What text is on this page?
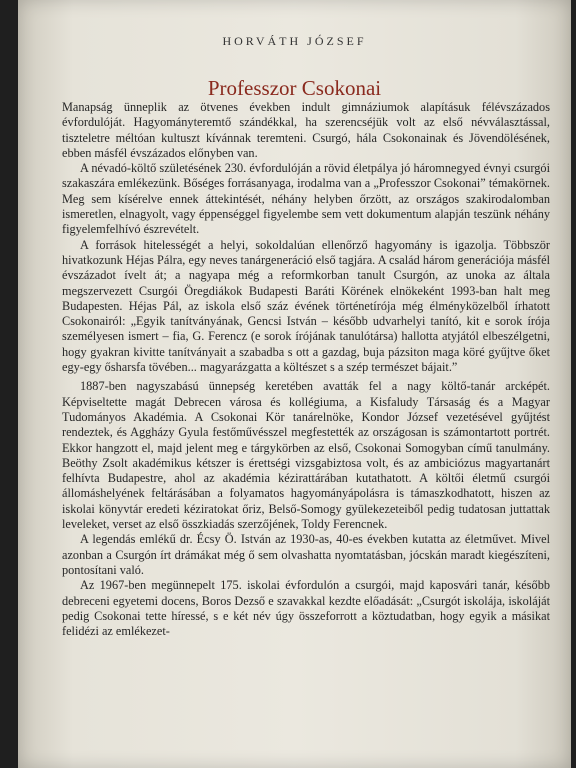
HORVÁTH JÓZSEF
Professzor Csokonai

Manapság ünneplik az ötvenes években indult gimnáziumok alapításuk félévszázados évfordulóját. Hagyományteremtő szándékkal, ha szerencséjük volt az első névválasztással, tiszteletre méltóan kultuszt kívánnak teremteni. Csurgó, hála Csokonainak és Jövendölésének, ebben másfél évszázados előnyben van.

A névadó-költő születésének 230. évfordulóján a rövid életpálya jó háromnegyed évnyi csurgói szakaszára emlékezünk. Bőséges forrásanyaga, irodalma van a „Professzor Csokonai” témakörnek. Meg sem kísérelve ennek áttekintését, néhány helyben őrzött, az országos szakirodalomban ismeretlen, elnagyolt, vagy éppenséggel figyelembe sem vett dokumentum alapján teszünk néhány figyelemfelhívó észrevételt.

A források hitelességét a helyi, sokoldalúan ellenőrző hagyomány is igazolja. Többször hivatkozunk Héjas Pálra, egy neves tanárgeneráció első tagjára. A család három generációja másfél évszázadot ívelt át; a nagyapa még a reformkorban tanult Csurgón, az unoka az általa megszervezett Csurgói Öregdiákok Budapesti Baráti Körének elnökeként 1993-ban halt meg Budapesten. Héjas Pál, az iskola első száz évének történetírója még élményközelből írhatott Csokonairól: „Egyik tanítványának, Gencsi István – később udvarhelyi tanító, kit e sorok írója személyesen ismert – fia, G. Ferencz (e sorok írójának tanulótársa) hallotta atyjától elbeszélgetni, hogy gyakran kivitte tanítványait a szabadba s ott a gazdag, buja pázsiton maga köré gyűjtve őket egy-egy ősharsfa tövében... magyarázgatta a költészet s a szép természet bájait.”

1887-ben nagyszabású ünnepség keretében avatták fel a nagy költő-tanár arcképét. Képviseltette magát Debrecen városa és kollégiuma, a Kisfaludy Társaság és a Magyar Tudományos Akadémia. A Csokonai Kör tanárelnöke, Kondor József vezetésével gyűjtést rendeztek, és Aggházy Gyula festőművésszel megfestették az országosan is számontartott portrét. Ekkor hangzott el, majd jelent meg e tárgykörben az első, Csokonai Somogyban című tanulmány. Beöthy Zsolt akadémikus kétszer is érettségi vizsgabiztosa volt, és az ambiciózus magyartanárt felhívta Budapestre, ahol az akadémia kézirattárában kutathatott. A költői életmű csurgói állomáshelyének feltárásában a folyamatos hagyományápolásra is támaszkodhatott, hiszen az iskolai könyvtár eredeti kéziratokat őriz, Belső-Somogy gyülekezeteiből pedig tudatosan juttattak leveleket, verset az első összkiadás szerzőjének, Toldy Ferencnek.

A legendás emlékű dr. Écsy Ö. István az 1930-as, 40-es években kutatta az életművet. Mivel azonban a Csurgón írt drámákat még ő sem olvashatta nyomtatásban, jócskán maradt kiegészíteni, pontosítani való.

Az 1967-ben megünnepelt 175. iskolai évfordulón a csurgói, majd kaposvári tanár, később debreceni egyetemi docens, Boros Dezső e szavakkal kezdte előadását: „Csurgót iskolája, iskoláját pedig Csokonai tette híressé, s e két név úgy összeforrott a köztudatban, hogy egyik a másikat felidézi az emlékezet-
